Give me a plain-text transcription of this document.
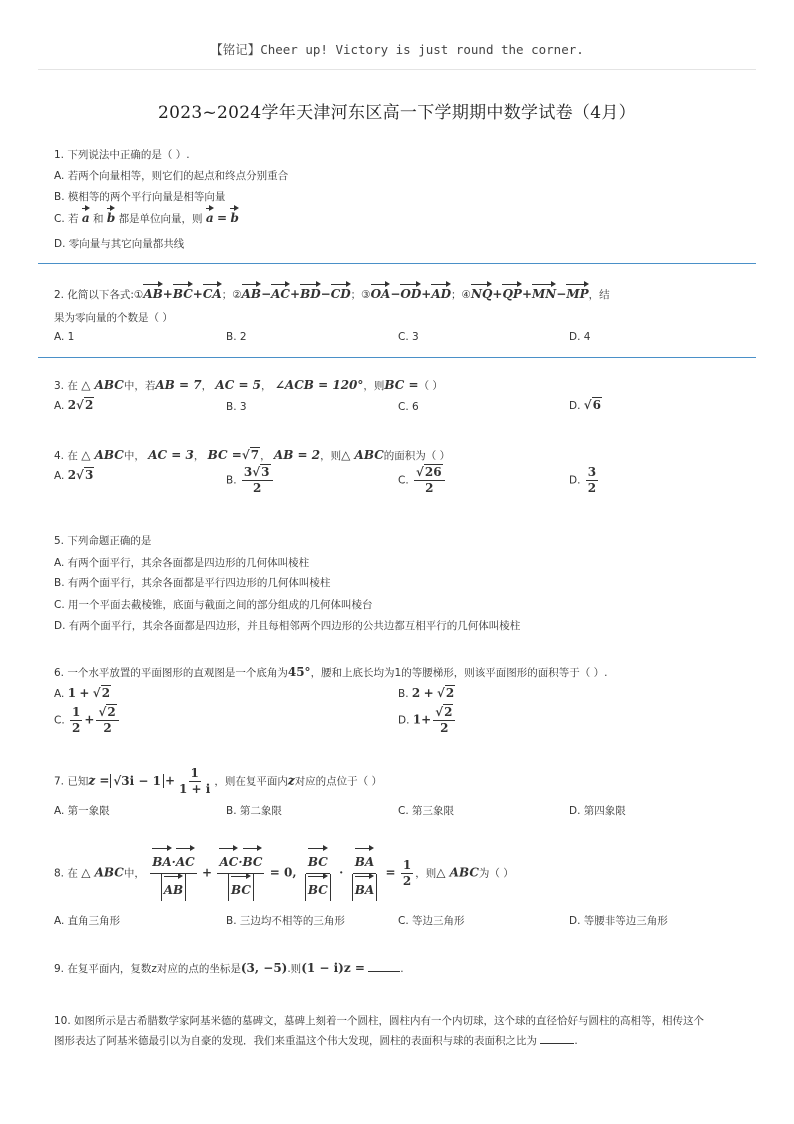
【铭记】Cheer up! Victory is just round the corner.
2023~2024学年天津河东区高一下学期期中数学试卷（4月）
1. 下列说法中正确的是（ ）.
A. 若两个向量相等，则它们的起点和终点分别重合
B. 模相等的两个平行向量是相等向量
C. 若 a 和 b 都是单位向量，则 a = b
D. 零向量与其它向量都共线
2. 化简以下各式:①AB+BC+CA；②AB−AC+BD−CD；③OA−OD+AD；④NQ+QP+MN−MP，结
果为零向量的个数是（ ）
A. 1	B. 2	C. 3	D. 4
3. 在 △ ABC中，若AB = 7， AC = 5， ∠ACB = 120°，则BC =（ ）
A. 2√2	B. 3	C. 6	D. √6
4. 在 △ ABC中， AC = 3， BC =√7， AB = 2，则△ ABC的面积为（ ）
A. 2√3	B. $\frac{3√3}{2}$	C. $\frac{√26}{2}$	D. $\frac{3}{2}$
5. 下列命题正确的是
A. 有两个面平行，其余各面都是四边形的几何体叫棱柱
B. 有两个面平行，其余各面都是平行四边形的几何体叫棱柱
C. 用一个平面去截棱锥，底面与截面之间的部分组成的几何体叫棱台
D. 有两个面平行，其余各面都是四边形，并且每相邻两个四边形的公共边都互相平行的几何体叫棱柱
6. 一个水平放置的平面图形的直观图是一个底角为45°，腰和上底长均为1的等腰梯形，则该平面图形的面积等于（ ）.
A. 1 + √2	B. 2 + √2
C. $\frac{1}{2} + \frac{√2}{2}$	D. $1+ \frac{√2}{2}$
7. 已知$z = √3i - 1 + \frac{1}{1 + i}$ ，则在复平面内z对应的点位于（ ）
A. 第一象限	B. 第二象限	C. 第三象限	D. 第四象限
8. 在 △ ABC中， $\frac{BA\cdot AC}{AB} + \frac{AC\cdot BC}{BC} = 0$, $\frac{BC}{BC} \cdot \frac{BA}{BA} = \frac{1}{2}$ ，则△ ABC为（ ）
A. 直角三角形	B. 三边均不相等的三角形	C. 等边三角形	D. 等腰非等边三角形
9. 在复平面内，复数z对应的点的坐标是(3, −5).则(1 − i)z =	.
10. 如图所示是古希腊数学家阿基米德的墓碑文，墓碑上刻着一个圆柱，圆柱内有一个内切球，这个球的直径恰好与圆柱的高相等，相传这个
图形表达了阿基米德最引以为自豪的发现．我们来重温这个伟大发现，圆柱的表面积与球的表面积之比为	.
